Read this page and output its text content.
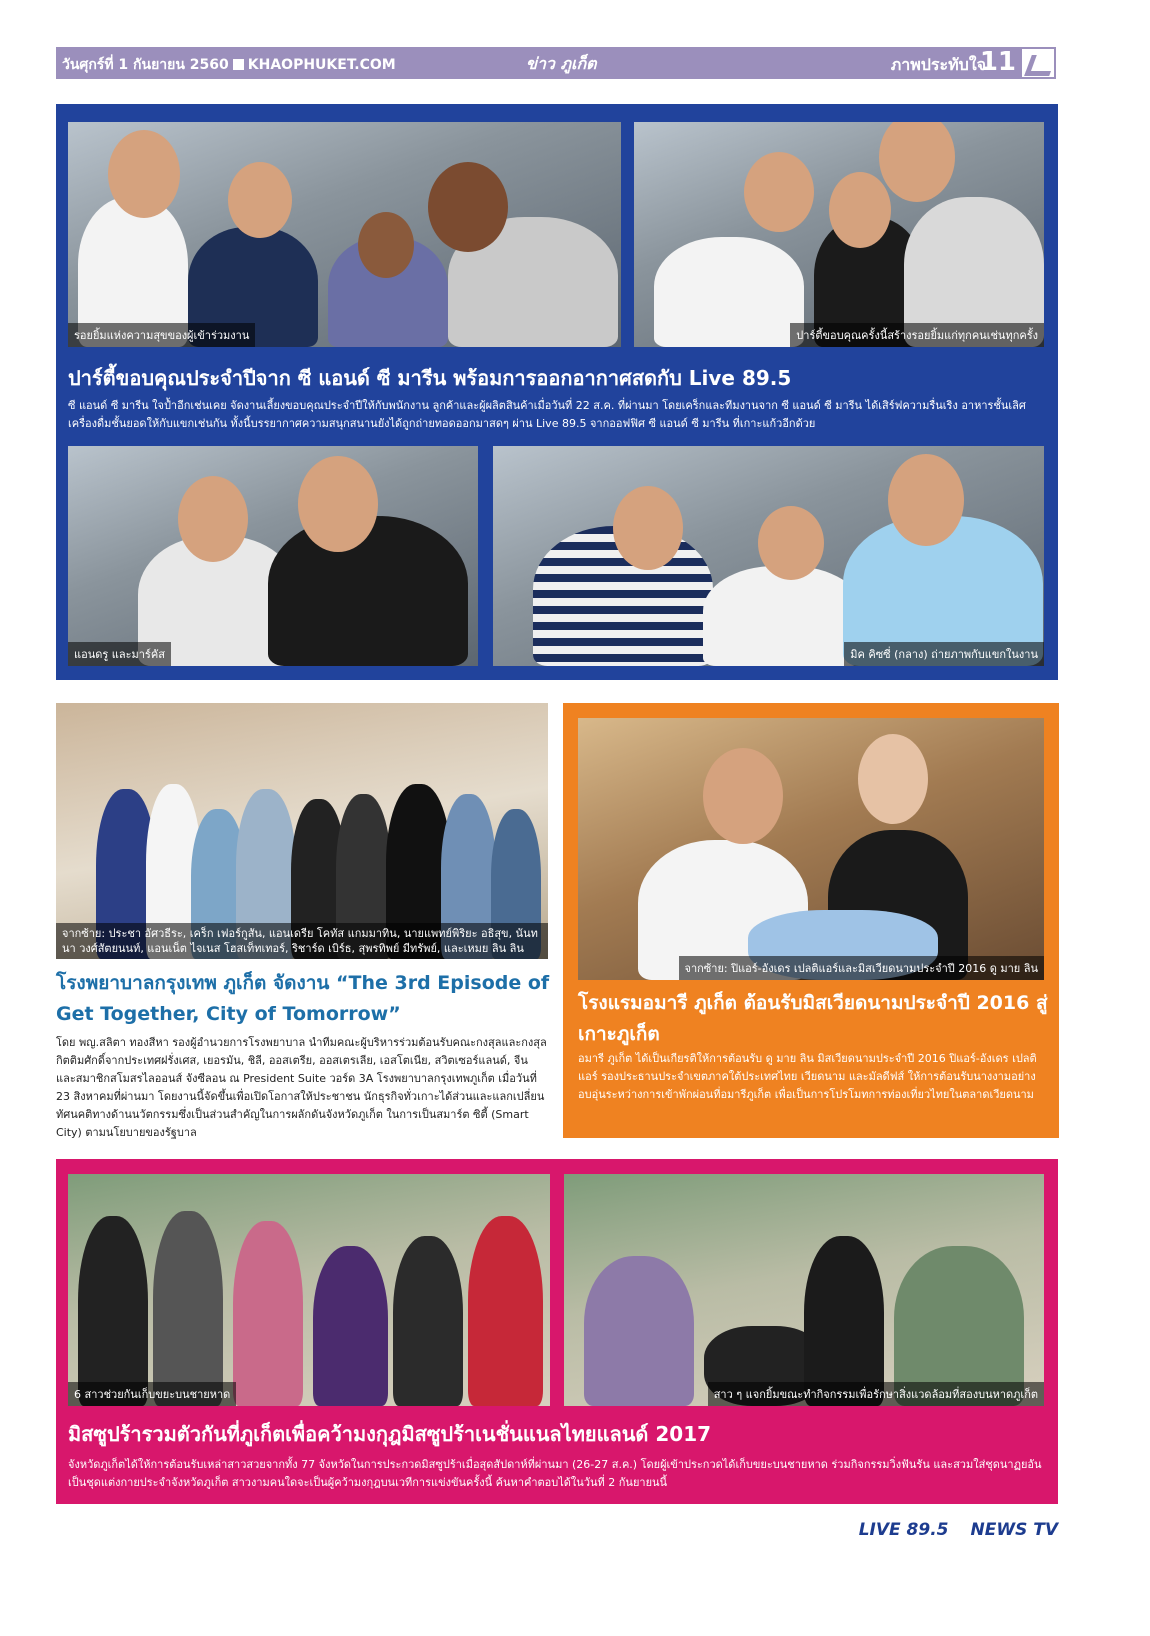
วันศุกร์ที่ 1 กันยายน 2560 KHAOPHUKET.COM	ข่าว ภูเก็ต	ภาพประทับใจ
11
รอยยิ้มแห่งความสุขของผู้เข้าร่วมงาน	ปาร์ตี้ขอบคุณครั้งนี้สร้างรอยยิ้มแก่ทุกคนเช่นทุกครั้ง
ปาร์ตี้ขอบคุณประจำปีจาก ซี แอนด์ ซี มารีน พร้อมการออกอากาศสดกับ Live 89.5
ซี แอนด์ ซี มารีน ใจป้ำอีกเช่นเคย จัดงานเลี้ยงขอบคุณประจำปีให้กับพนักงาน ลูกค้าและผู้ผลิตสินค้าเมื่อวันที่ 22 ส.ค. ที่ผ่านมา โดยเคร็กและทีมงานจาก ซี แอนด์ ซี มารีน ได้เสิร์ฟความรื่นเริง อาหารชั้นเลิศ เครื่องดื่มชั้นยอดให้กับแขกเช่นกัน ทั้งนี้บรรยากาศความสนุกสนานยังได้ถูกถ่ายทอดออกมาสดๆ ผ่าน Live 89.5 จากออฟฟิศ ซี แอนด์ ซี มารีน ที่เกาะแก้วอีกด้วย
แอนดรู และมาร์คัส	มิค คิซซี่ (กลาง) ถ่ายภาพกับแขกในงาน
จากซ้าย: ประชา อัศวธีระ, เคร็ก เฟอร์กูสัน, แอนเดรีย โคทัส แกมมาทิน, นายแพทย์พิริยะ อธิสุข, นันทนา วงศ์สัตยนนท์, แอนเน็ต ไจเนส โฮสเท็ทเทอร์, ริชาร์ด เบิร์ธ, สุพรทิพย์ มีทรัพย์, และเหมย ลิน ลิน
โรงพยาบาลกรุงเทพ ภูเก็ต จัดงาน “The 3rd Episode of Get Together, City of Tomorrow”
โดย พญ.สลิตา ทองสีหา รองผู้อำนวยการโรงพยาบาล นำทีมคณะผู้บริหารร่วมต้อนรับคณะกงสุลและกงสุลกิตติมศักดิ์จากประเทศฝรั่งเศส, เยอรมัน, ชิลี, ออสเตรีย, ออสเตรเลีย, เอสโตเนีย, สวิตเซอร์แลนด์, จีน และสมาชิกสโมสรไลออนส์ จังซีลอน ณ President Suite วอร์ด 3A โรงพยาบาลกรุงเทพภูเก็ต เมื่อวันที่ 23 สิงหาคมที่ผ่านมา โดยงานนี้จัดขึ้นเพื่อเปิดโอกาสให้ประชาชน นักธุรกิจทั่วเกาะได้ส่วนและแลกเปลี่ยนทัศนคติทางด้านนวัตกรรมซึ่งเป็นส่วนสำคัญในการผลักดันจังหวัดภูเก็ต ในการเป็นสมาร์ต ซิตี้ (Smart City) ตามนโยบายของรัฐบาล
จากซ้าย: ปิแอร์-อังเดร เปลติแอร์และมิสเวียดนามประจำปี 2016 ดู มาย ลิน
โรงแรมอมารี ภูเก็ต ต้อนรับมิสเวียดนามประจำปี 2016 สู่เกาะภูเก็ต
อมารี ภูเก็ต ได้เป็นเกียรติให้การต้อนรับ ดู มาย ลิน มิสเวียดนามประจำปี 2016 ปิแอร์-อังเดร เปลติแอร์ รองประธานประจำเขตภาคใต้ประเทศไทย เวียดนาม และมัลดีฟส์ ให้การต้อนรับนางงามอย่างอบอุ่นระหว่างการเข้าพักผ่อนที่อมารีภูเก็ต เพื่อเป็นการโปรโมทการท่องเที่ยวไทยในตลาดเวียดนาม
6 สาวช่วยกันเก็บขยะบนชายหาด	สาว ๆ แจกยิ้มขณะทำกิจกรรมเพื่อรักษาสิ่งแวดล้อมที่สองบนหาดภูเก็ต
มิสซูปร้ารวมตัวกันที่ภูเก็ตเพื่อคว้ามงกุฎมิสซูปร้าเนชั่นแนลไทยแลนด์ 2017
จังหวัดภูเก็ตได้ให้การต้อนรับเหล่าสาวสวยจากทั้ง 77 จังหวัดในการประกวดมิสซูปร้าเมื่อสุดสัปดาห์ที่ผ่านมา (26-27 ส.ค.) โดยผู้เข้าประกวดได้เก็บขยะบนชายหาด ร่วมกิจกรรมวิ่งฟันรัน และสวมใส่ชุดนาฏยอันเป็นชุดแต่งกายประจำจังหวัดภูเก็ต สาวงามคนใดจะเป็นผู้คว้ามงกุฎบนเวทีการแข่งขันครั้งนี้ ค้นหาคำตอบได้ในวันที่ 2 กันยายนนี้
LIVE 89.5 NEWS TV
